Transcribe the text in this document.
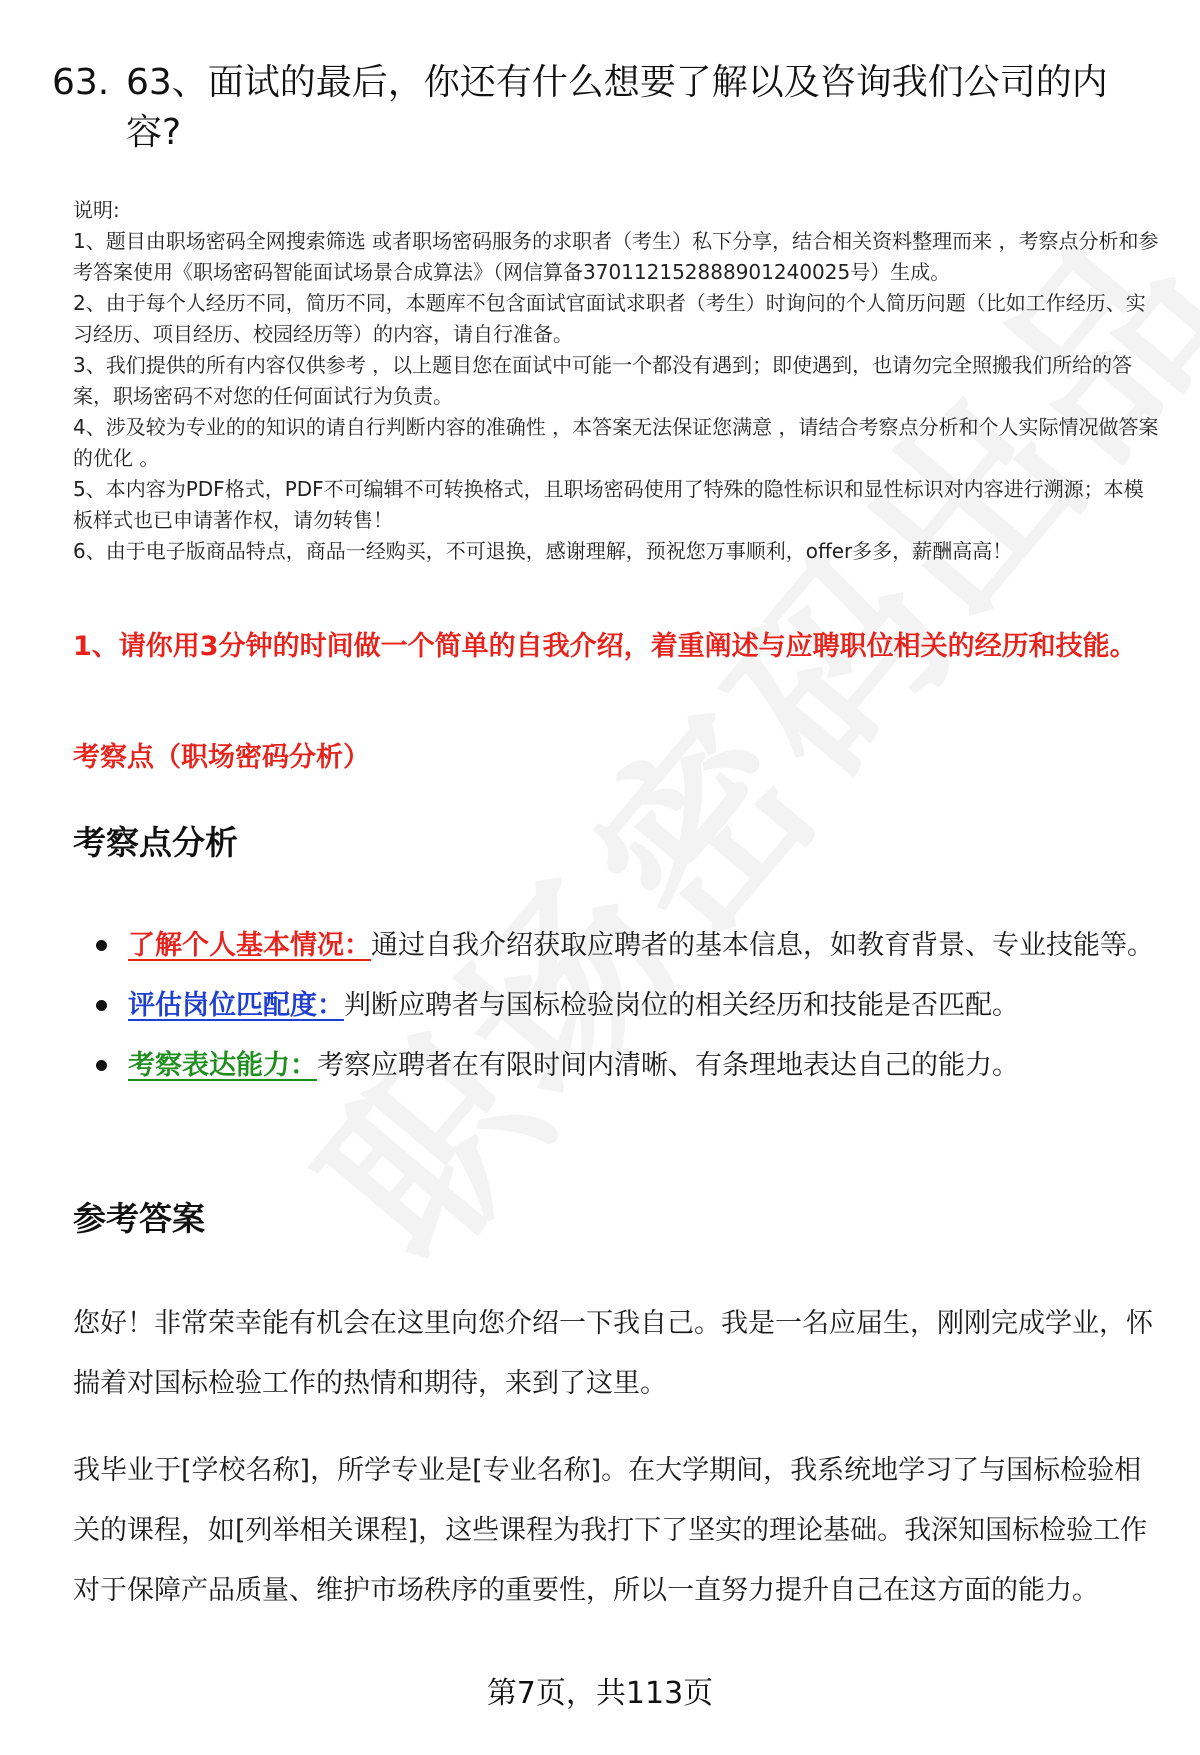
63. 63、面试的最后，你还有什么想要了解以及咨询我们公司的内容?

说明:

1、题目由职场密码全网搜索筛选 或者职场密码服务的求职者（考生）私下分享，结合相关资料整理而来 ，考察点分析和参考答案使用《职场密码智能面试场景合成算法》（网信算备370112152888901240025号）生成。

2、由于每个人经历不同，简历不同，本题库不包含面试官面试求职者（考生）时询问的个人简历问题（比如工作经历、实习经历、项目经历、校园经历等）的内容，请自行准备。

3、我们提供的所有内容仅供参考 ，以上题目您在面试中可能一个都没有遇到；即使遇到，也请勿完全照搬我们所给的答案，职场密码不对您的任何面试行为负责。

4、涉及较为专业的的知识的请自行判断内容的准确性 ，本答案无法保证您满意 ，请结合考察点分析和个人实际情况做答案的优化 。

5、本内容为PDF格式，PDF不可编辑不可转换格式，且职场密码使用了特殊的隐性标识和显性标识对内容进行溯源；本模板样式也已申请著作权，请勿转售！

6、由于电子版商品特点，商品一经购买，不可退换，感谢理解，预祝您万事顺利，offer多多，薪酬高高！

1、请你用3分钟的时间做一个简单的自我介绍，着重阐述与应聘职位相关的经历和技能。
考察点（职场密码分析）
考察点分析
了解个人基本情况：通过自我介绍获取应聘者的基本信息，如教育背景、专业技能等。
评估岗位匹配度：判断应聘者与国标检验岗位的相关经历和技能是否匹配。
考察表达能力：考察应聘者在有限时间内清晰、有条理地表达自己的能力。
参考答案

您好！非常荣幸能有机会在这里向您介绍一下我自己。我是一名应届生，刚刚完成学业，怀揣着对国标检验工作的热情和期待，来到了这里。

我毕业于[学校名称]，所学专业是[专业名称]。在大学期间，我系统地学习了与国标检验相关的课程，如[列举相关课程]，这些课程为我打下了坚实的理论基础。我深知国标检验工作对于保障产品质量、维护市场秩序的重要性，所以一直努力提升自己在这方面的能力。

第7页，共113页
